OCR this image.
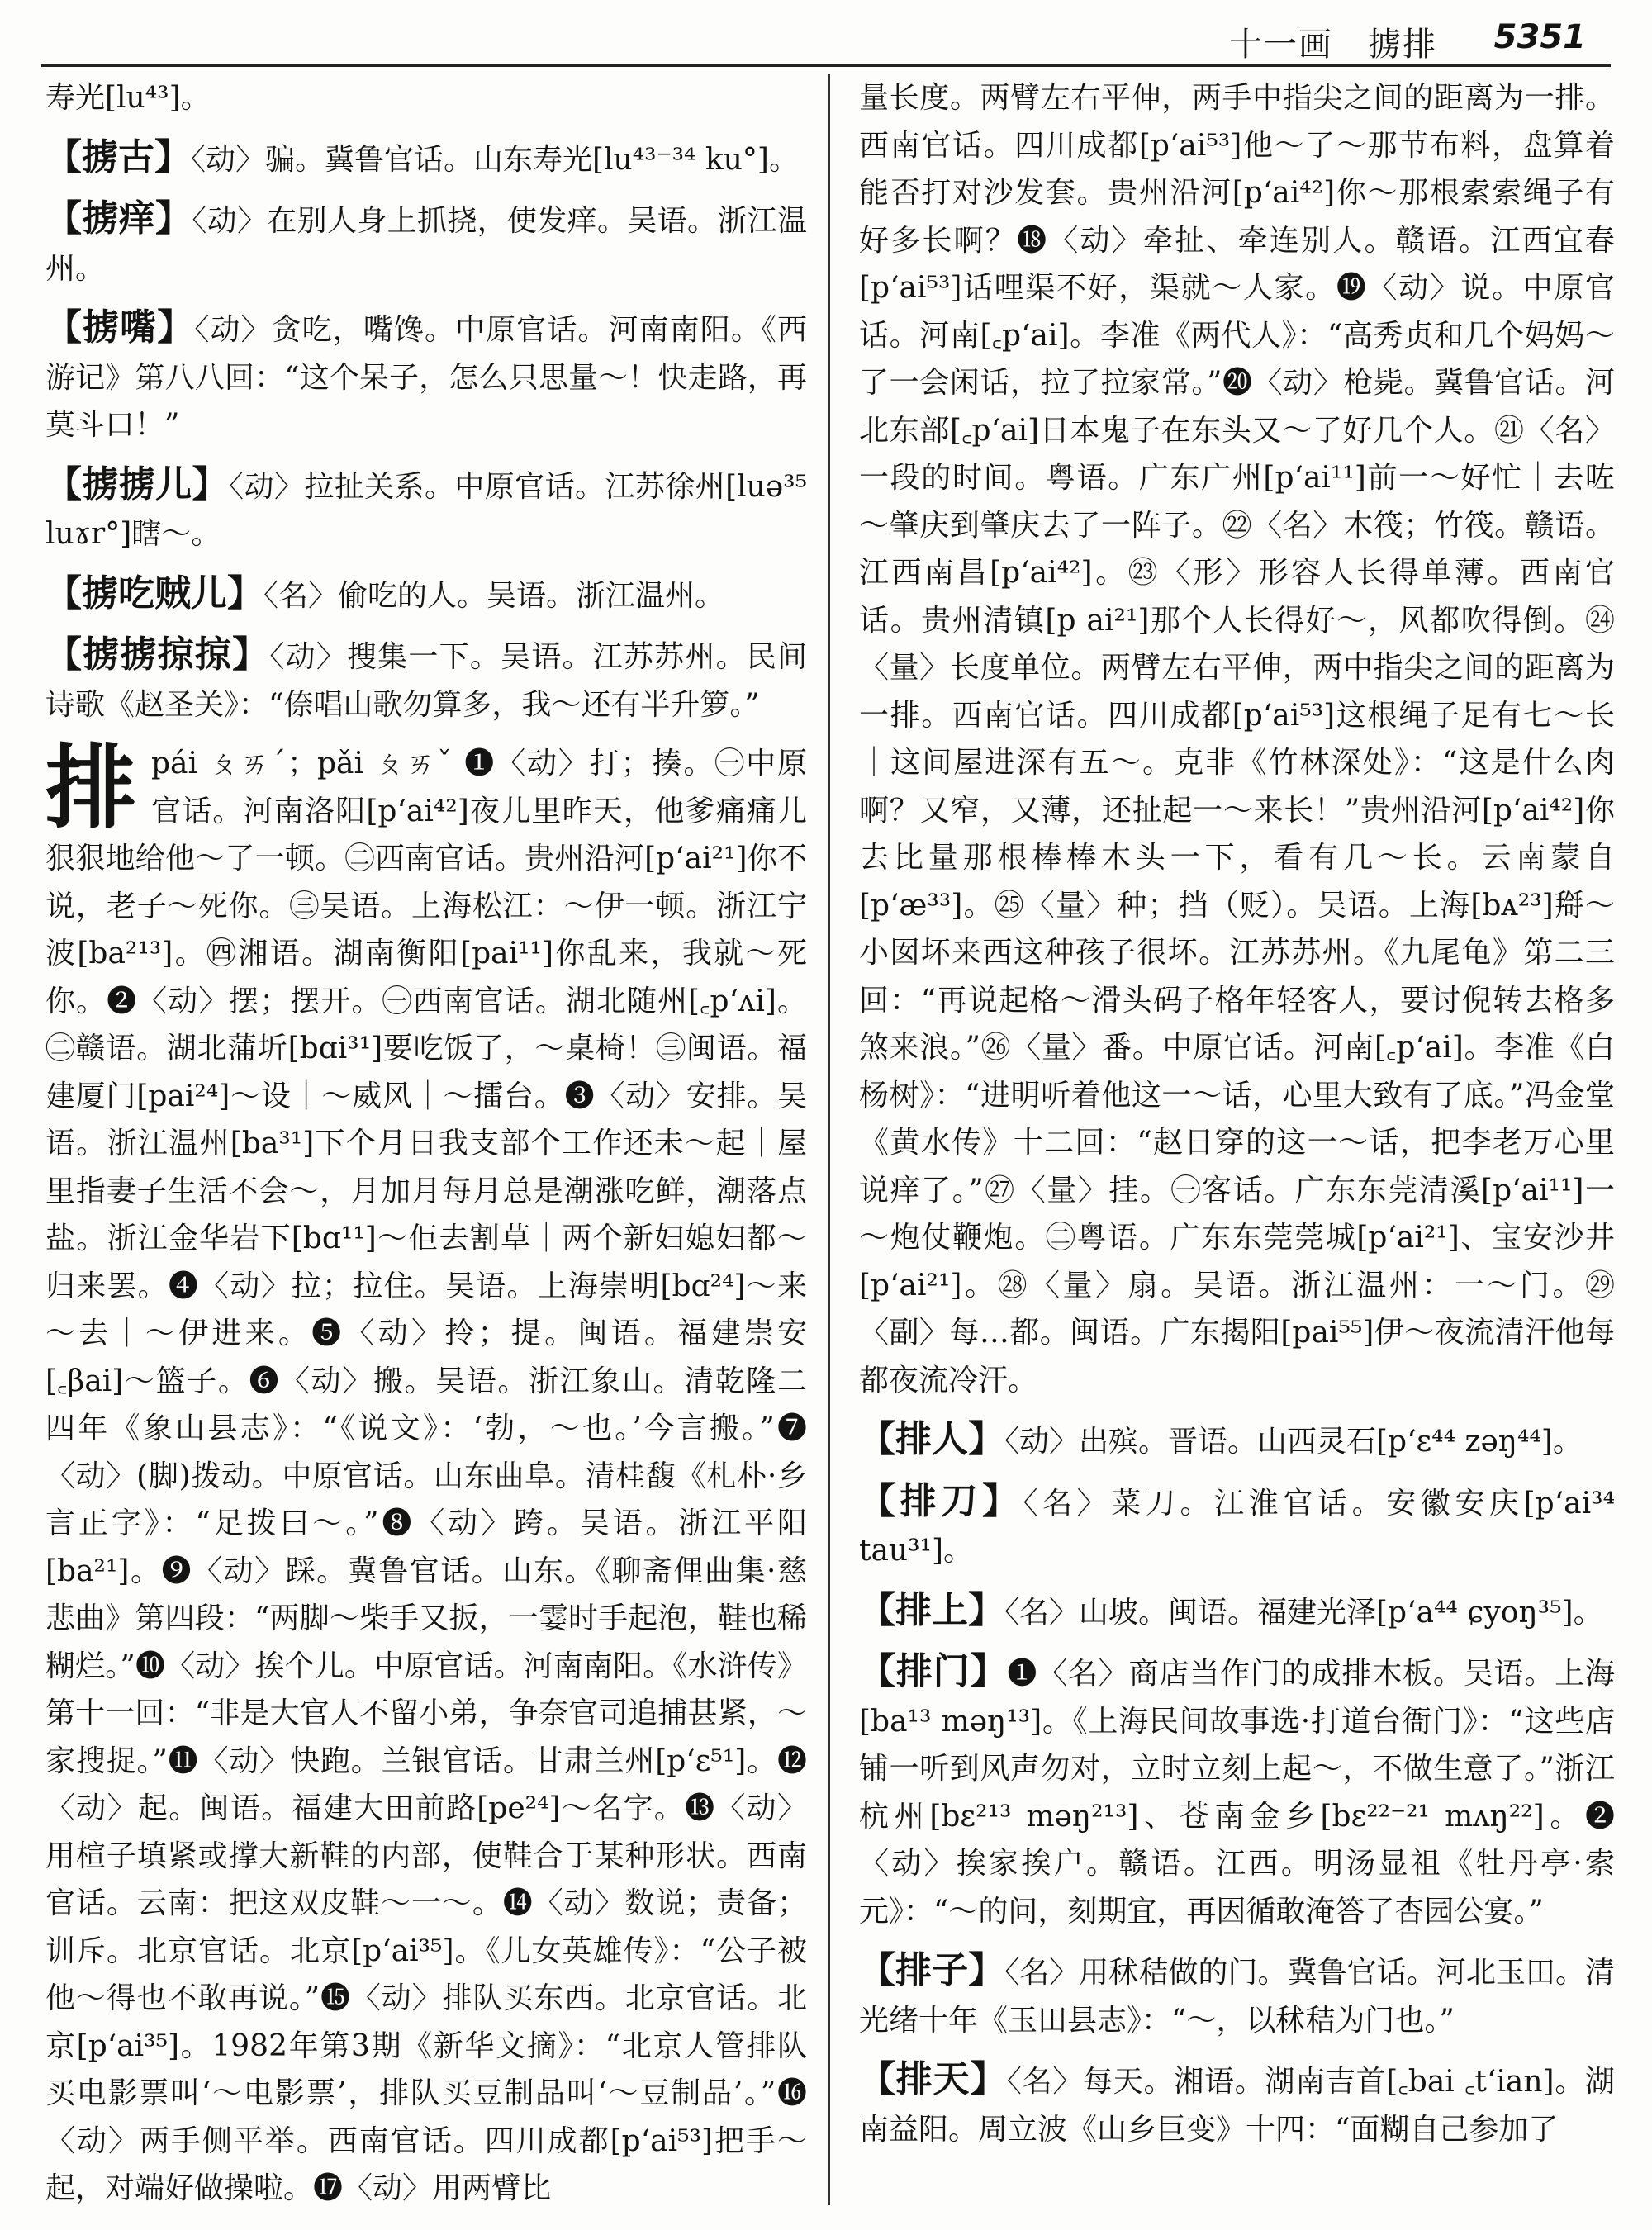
十一画　掳排 5351

寿光[lu⁴³]。

【掳古】〈动〉骗。冀鲁官话。山东寿光[lu⁴³⁻³⁴ ku°]。

【掳痒】〈动〉在别人身上抓挠，使发痒。吴语。浙江温州。

【掳嘴】〈动〉贪吃，嘴馋。中原官话。河南南阳。《西游记》第八八回：“这个呆子，怎么只思量～！快走路，再莫斗口！”

【掳掳儿】〈动〉拉扯关系。中原官话。江苏徐州[luə³⁵ luɤr°]瞎～。

【掳吃贼儿】〈名〉偷吃的人。吴语。浙江温州。

【掳掳掠掠】〈动〉搜集一下。吴语。江苏苏州。民间诗歌《赵圣关》：“倷唱山歌勿算多，我～还有半升箩。”

排pái ㄆㄞˊ；pǎi ㄆㄞˇ ❶〈动〉打；揍。㊀中原官话。河南洛阳[pʻai⁴²]夜儿里昨天，他爹痛痛儿狠狠地给他～了一顿。㊁西南官话。贵州沿河[pʻai²¹]你不说，老子～死你。㊂吴语。上海松江：～伊一顿。浙江宁波[ba²¹³]。㊃湘语。湖南衡阳[pai¹¹]你乱来，我就～死你。❷〈动〉摆；摆开。㊀西南官话。湖北随州[꜀pʻʌi]。㊁赣语。湖北蒲圻[bɑi³¹]要吃饭了，～桌椅！㊂闽语。福建厦门[pai²⁴]～设｜～威风｜～擂台。❸〈动〉安排。吴语。浙江温州[ba³¹]下个月日我支部个工作还未～起｜屋里指妻子生活不会～，月加月每月总是潮涨吃鲜，潮落点盐。浙江金华岩下[bɑ¹¹]～佢去割草｜两个新妇媳妇都～归来罢。❹〈动〉拉；拉住。吴语。上海崇明[bɑ²⁴]～来～去｜～伊进来。❺〈动〉拎；提。闽语。福建崇安[꜀βai]～篮子。❻〈动〉搬。吴语。浙江象山。清乾隆二四年《象山县志》：“《说文》：‘勃，～也。’今言搬。”❼〈动〉(脚)拨动。中原官话。山东曲阜。清桂馥《札朴·乡言正字》：“足拨曰～。”❽〈动〉跨。吴语。浙江平阳[ba²¹]。❾〈动〉踩。冀鲁官话。山东。《聊斋俚曲集·慈悲曲》第四段：“两脚～柴手又扳，一霎时手起泡，鞋也稀糊烂。”❿〈动〉挨个儿。中原官话。河南南阳。《水浒传》第十一回：“非是大官人不留小弟，争奈官司追捕甚紧，～家搜捉。”⓫〈动〉快跑。兰银官话。甘肃兰州[pʻɛ⁵¹]。⓬〈动〉起。闽语。福建大田前路[pe²⁴]～名字。⓭〈动〉用楦子填紧或撑大新鞋的内部，使鞋合于某种形状。西南官话。云南：把这双皮鞋～一～。⓮〈动〉数说；责备；训斥。北京官话。北京[pʻai³⁵]。《儿女英雄传》：“公子被他～得也不敢再说。”⓯〈动〉排队买东西。北京官话。北京[pʻai³⁵]。1982年第3期《新华文摘》：“北京人管排队买电影票叫‘～电影票’，排队买豆制品叫‘～豆制品’。”⓰〈动〉两手侧平举。西南官话。四川成都[pʻai⁵³]把手～起，对端好做操啦。⓱〈动〉用两臂比

量长度。两臂左右平伸，两手中指尖之间的距离为一排。西南官话。四川成都[pʻai⁵³]他～了～那节布料，盘算着能否打对沙发套。贵州沿河[pʻai⁴²]你～那根索索绳子有好多长啊？⓲〈动〉牵扯、牵连别人。赣语。江西宜春[pʻai⁵³]话哩渠不好，渠就～人家。⓳〈动〉说。中原官话。河南[꜀pʻai]。李准《两代人》：“高秀贞和几个妈妈～了一会闲话，拉了拉家常。”⓴〈动〉枪毙。冀鲁官话。河北东部[꜀pʻai]日本鬼子在东头又～了好几个人。㉑〈名〉一段的时间。粤语。广东广州[pʻai¹¹]前一～好忙｜去咗～肇庆到肇庆去了一阵子。㉒〈名〉木筏；竹筏。赣语。江西南昌[pʻai⁴²]。㉓〈形〉形容人长得单薄。西南官话。贵州清镇[p ai²¹]那个人长得好～，风都吹得倒。㉔〈量〉长度单位。两臂左右平伸，两中指尖之间的距离为一排。西南官话。四川成都[pʻai⁵³]这根绳子足有七～长｜这间屋进深有五～。克非《竹林深处》：“这是什么肉啊？又窄，又薄，还扯起一～来长！”贵州沿河[pʻai⁴²]你去比量那根棒棒木头一下，看有几～长。云南蒙自[pʻæ³³]。㉕〈量〉种；挡（贬）。吴语。上海[bᴀ²³]搿～小囡坏来西这种孩子很坏。江苏苏州。《九尾龟》第二三回：“再说起格～滑头码子格年轻客人，要讨倪转去格多煞来浪。”㉖〈量〉番。中原官话。河南[꜀pʻai]。李准《白杨树》：“进明听着他这一～话，心里大致有了底。”冯金堂《黄水传》十二回：“赵日穿的这一～话，把李老万心里说痒了。”㉗〈量〉挂。㊀客话。广东东莞清溪[pʻai¹¹]一～炮仗鞭炮。㊁粤语。广东东莞莞城[pʻai²¹]、宝安沙井[pʻai²¹]。㉘〈量〉扇。吴语。浙江温州：一～门。㉙〈副〉每…都。闽语。广东揭阳[pai⁵⁵]伊～夜流清汗他每都夜流冷汗。

【排人】〈动〉出殡。晋语。山西灵石[pʻɛ⁴⁴ zəŋ⁴⁴]。

【排刀】〈名〉菜刀。江淮官话。安徽安庆[pʻai³⁴ tau³¹]。

【排上】〈名〉山坡。闽语。福建光泽[pʻa⁴⁴ ɕyoŋ³⁵]。

【排门】❶〈名〉商店当作门的成排木板。吴语。上海[ba¹³ məŋ¹³]。《上海民间故事选·打道台衙门》：“这些店铺一听到风声勿对，立时立刻上起～，不做生意了。”浙江杭州[bɛ²¹³ məŋ²¹³]、苍南金乡[bɛ²²⁻²¹ mʌŋ²²]。❷〈动〉挨家挨户。赣语。江西。明汤显祖《牡丹亭·索元》：“～的问，刻期宜，再因循敢淹答了杏园公宴。”

【排子】〈名〉用秫秸做的门。冀鲁官话。河北玉田。清光绪十年《玉田县志》：“～，以秫秸为门也。”

【排天】〈名〉每天。湘语。湖南吉首[꜀bai ꜀tʻian]。湖南益阳。周立波《山乡巨变》十四：“面糊自己参加了
